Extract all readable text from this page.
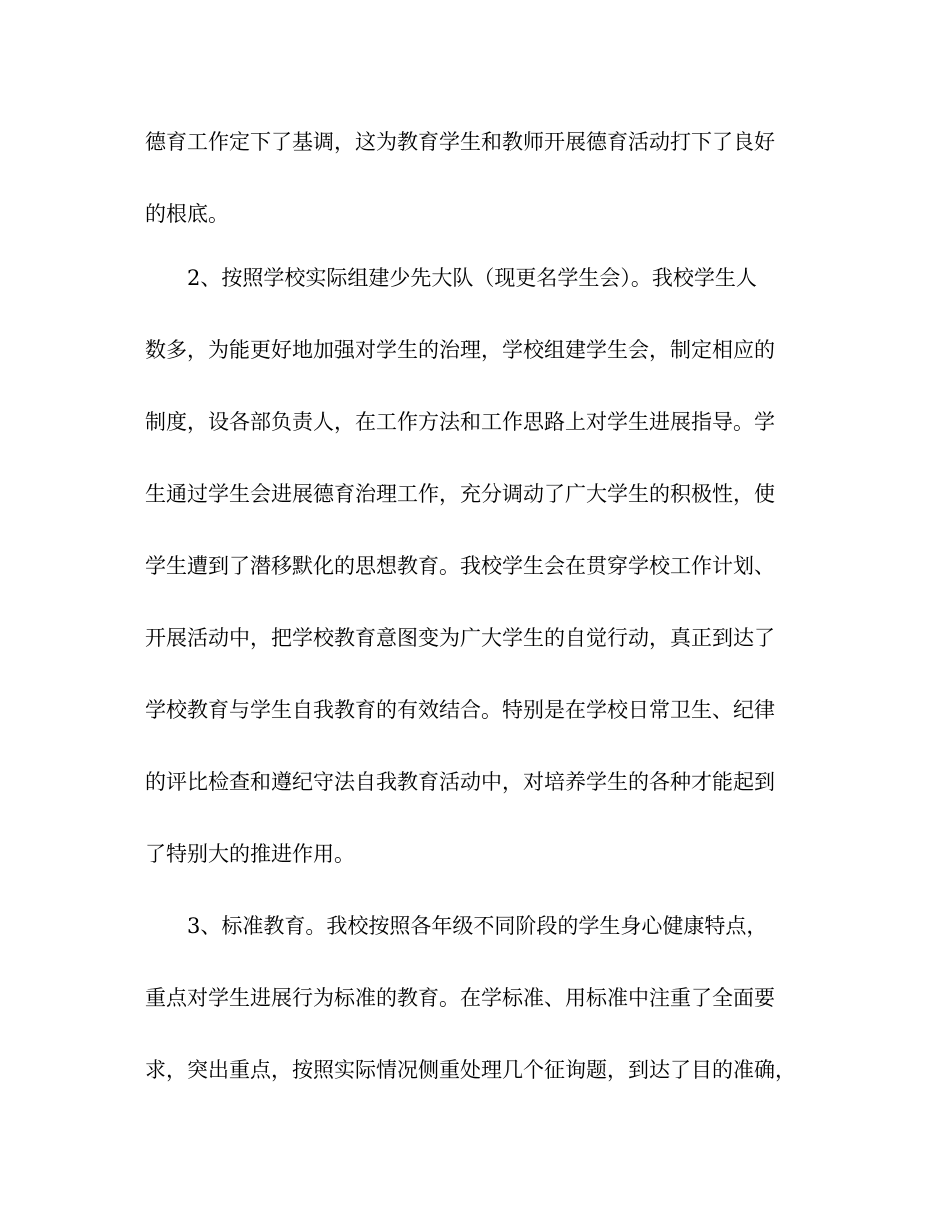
德育工作定下了基调，这为教育学生和教师开展德育活动打下了良好

的根底。

2、按照学校实际组建少先大队（现更名学生会）。我校学生人

数多，为能更好地加强对学生的治理，学校组建学生会，制定相应的

制度，设各部负责人，在工作方法和工作思路上对学生进展指导。学

生通过学生会进展德育治理工作，充分调动了广大学生的积极性，使

学生遭到了潜移默化的思想教育。我校学生会在贯穿学校工作计划、

开展活动中，把学校教育意图变为广大学生的自觉行动，真正到达了

学校教育与学生自我教育的有效结合。特别是在学校日常卫生、纪律

的评比检查和遵纪守法自我教育活动中，对培养学生的各种才能起到

了特别大的推进作用。

3、标准教育。我校按照各年级不同阶段的学生身心健康特点，

重点对学生进展行为标准的教育。在学标准、用标准中注重了全面要

求，突出重点，按照实际情况侧重处理几个征询题，到达了目的准确，
